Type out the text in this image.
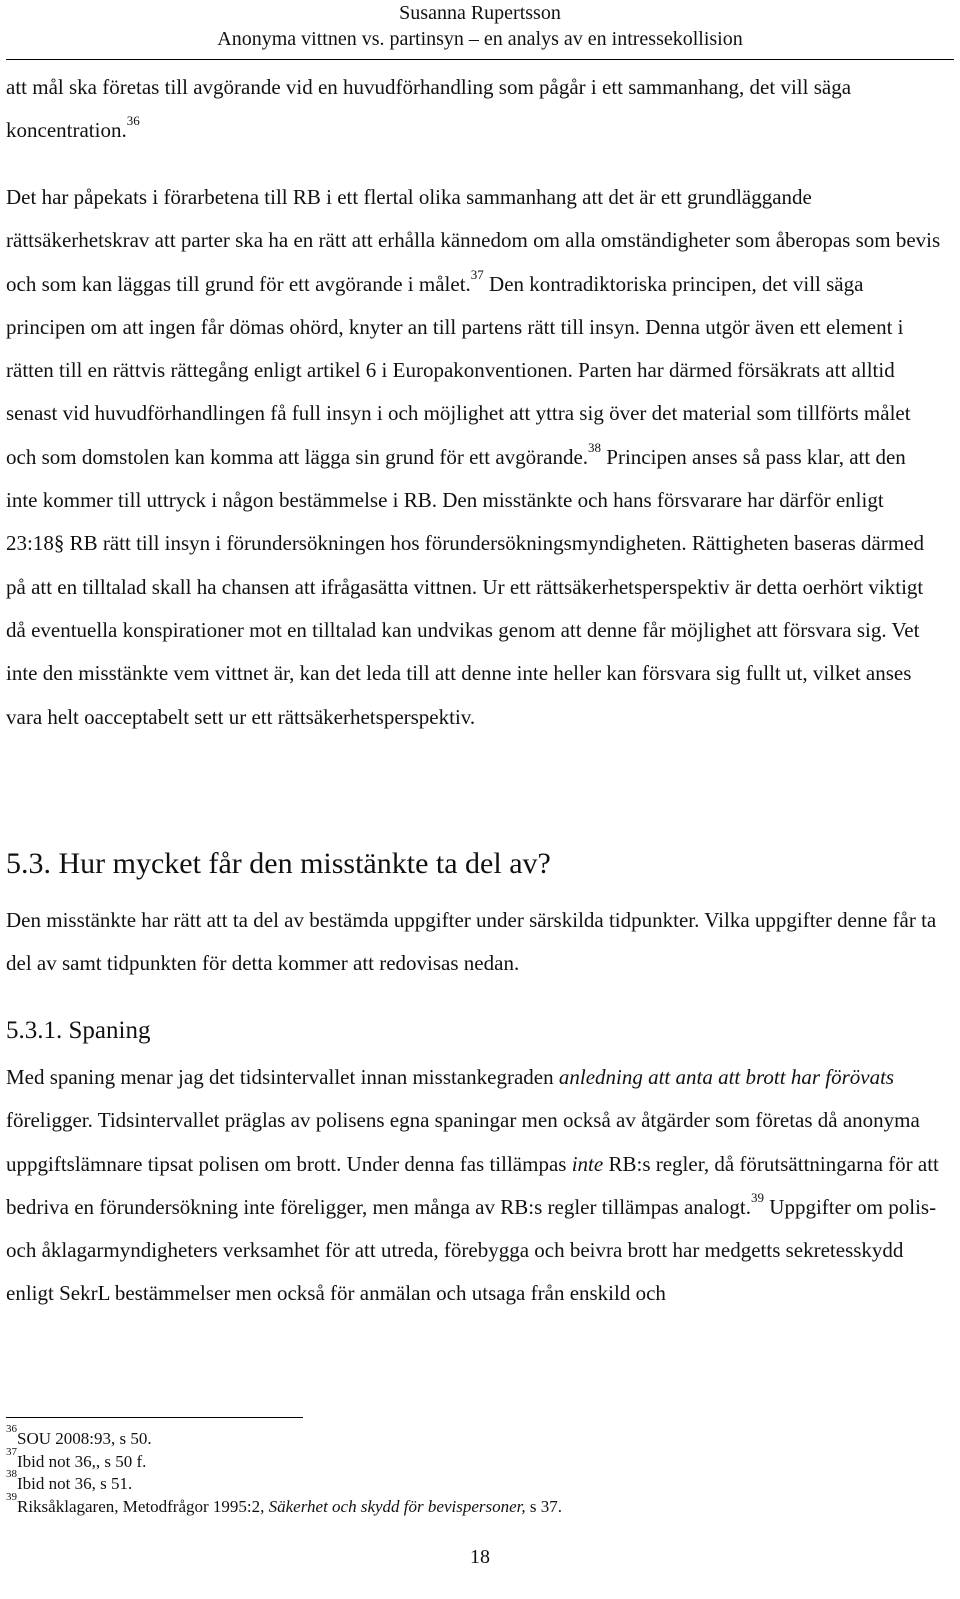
Susanna Rupertsson
Anonyma vittnen vs. partinsyn – en analys av en intressekollision

att mål ska företas till avgörande vid en huvudförhandling som pågår i ett sammanhang, det vill säga koncentration.$^{36}$

Det har påpekats i förarbetena till RB i ett flertal olika sammanhang att det är ett grundläggande rättsäkerhetskrav att parter ska ha en rätt att erhålla kännedom om alla omständigheter som åberopas som bevis och som kan läggas till grund för ett avgörande i målet.$^{37}$ Den kontradiktoriska principen, det vill säga principen om att ingen får dömas ohörd, knyter an till partens rätt till insyn. Denna utgör även ett element i rätten till en rättvis rättegång enligt artikel 6 i Europakonventionen. Parten har därmed försäkrats att alltid senast vid huvudförhandlingen få full insyn i och möjlighet att yttra sig över det material som tillförts målet och som domstolen kan komma att lägga sin grund för ett avgörande.$^{38}$ Principen anses så pass klar, att den inte kommer till uttryck i någon bestämmelse i RB. Den misstänkte och hans försvarare har därför enligt 23:18§ RB rätt till insyn i förundersökningen hos förundersökningsmyndigheten. Rättigheten baseras därmed på att en tilltalad skall ha chansen att ifrågasätta vittnen. Ur ett rättsäkerhetsperspektiv är detta oerhört viktigt då eventuella konspirationer mot en tilltalad kan undvikas genom att denne får möjlighet att försvara sig. Vet inte den misstänkte vem vittnet är, kan det leda till att denne inte heller kan försvara sig fullt ut, vilket anses vara helt oacceptabelt sett ur ett rättsäkerhetsperspektiv.

5.3. Hur mycket får den misstänkte ta del av?

Den misstänkte har rätt att ta del av bestämda uppgifter under särskilda tidpunkter. Vilka uppgifter denne får ta del av samt tidpunkten för detta kommer att redovisas nedan.

5.3.1. Spaning

Med spaning menar jag det tidsintervallet innan misstankegraden anledning att anta att brott har förövats föreligger. Tidsintervallet präglas av polisens egna spaningar men också av åtgärder som företas då anonyma uppgiftslämnare tipsat polisen om brott. Under denna fas tillämpas inte RB:s regler, då förutsättningarna för att bedriva en förundersökning inte föreligger, men många av RB:s regler tillämpas analogt.$^{39}$ Uppgifter om polis- och åklagarmyndigheters verksamhet för att utreda, förebygga och beivra brott har medgetts sekretesskydd enligt SekrL bestämmelser men också för anmälan och utsaga från enskild och

$^{36}$SOU 2008:93, s 50.
$^{37}$Ibid not 36,, s 50 f.
$^{38}$Ibid not 36, s 51.
$^{39}$Riksåklagaren, Metodfrågor 1995:2, Säkerhet och skydd för bevispersoner, s 37.
18
